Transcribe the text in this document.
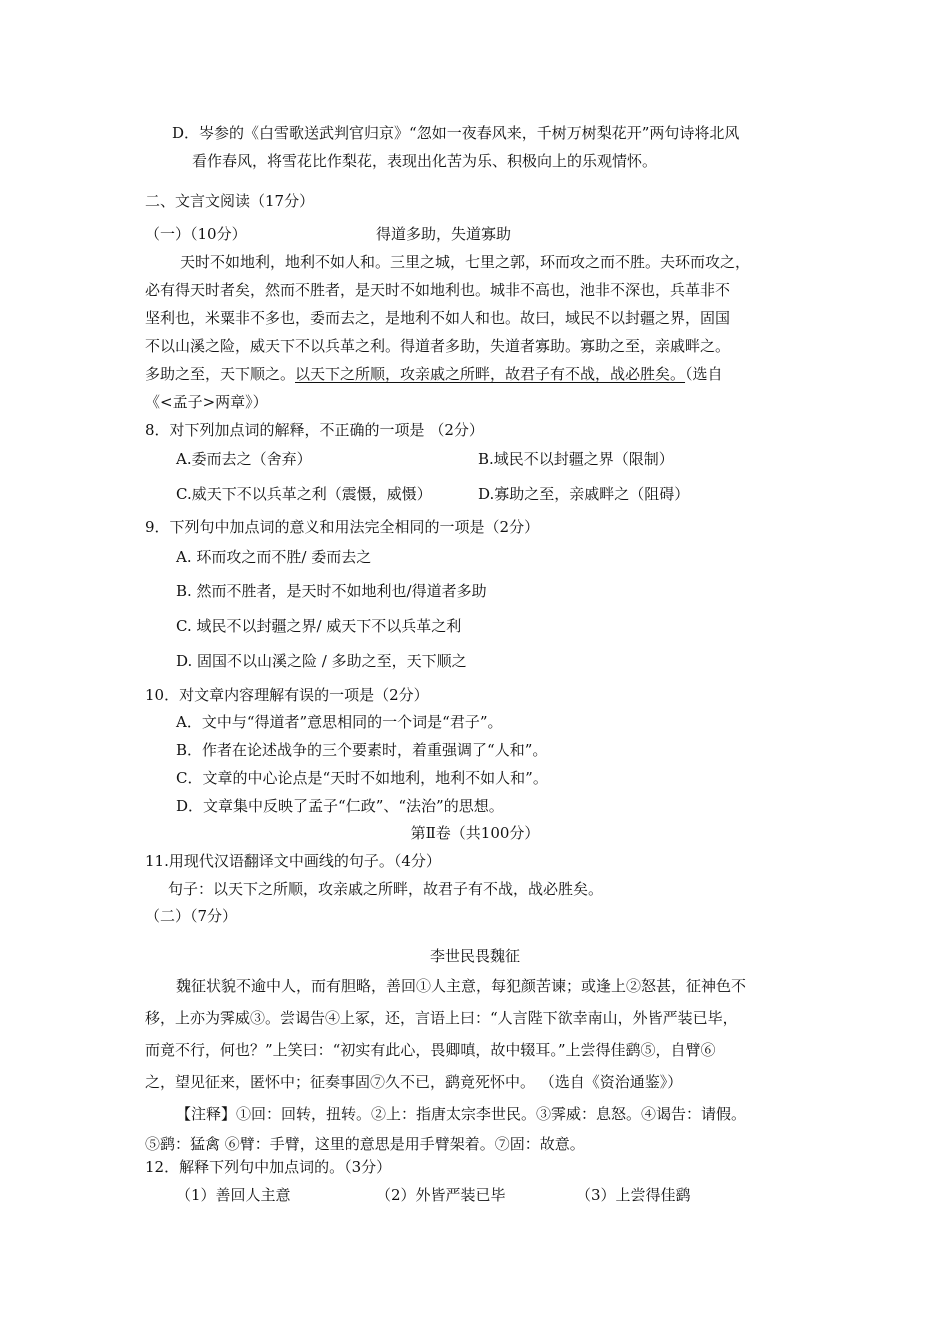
D．岑参的《白雪歌送武判官归京》“忽如一夜春风来，千树万树梨花开”两句诗将北风
看作春风，将雪花比作梨花，表现出化苦为乐、积极向上的乐观情怀。
二、文言文阅读（17分）
（一）（10分）	得道多助，失道寡助
天时不如地利，地利不如人和。三里之城，七里之郭，环而攻之而不胜。夫环而攻之，
必有得天时者矣，然而不胜者，是天时不如地利也。城非不高也，池非不深也，兵革非不
坚利也，米粟非不多也，委而去之，是地利不如人和也。故曰，域民不以封疆之界，固国
不以山溪之险，威天下不以兵革之利。得道者多助，失道者寡助。寡助之至，亲戚畔之。
多助之至，天下顺之。以天下之所顺，攻亲戚之所畔，故君子有不战，战必胜矣。（选自
《<孟子>两章》）
8．对下列加点词的解释，不正确的一项是 （2分）
A.委而去之（舍弃）	B.域民不以封疆之界（限制）
C.威天下不以兵革之利（震慑，威慑）	D.寡助之至，亲戚畔之（阻碍）
9．下列句中加点词的意义和用法完全相同的一项是（2分）
A. 环而攻之而不胜/ 委而去之
B. 然而不胜者，是天时不如地利也/得道者多助
C. 域民不以封疆之界/ 威天下不以兵革之利
D. 固国不以山溪之险 / 多助之至，天下顺之
10．对文章内容理解有误的一项是（2分）
A．文中与“得道者”意思相同的一个词是“君子”。
B．作者在论述战争的三个要素时，着重强调了“人和”。
C．文章的中心论点是“天时不如地利，地利不如人和”。
D．文章集中反映了孟子“仁政”、“法治”的思想。
第Ⅱ卷（共100分）
11.用现代汉语翻译文中画线的句子。（4分）
句子：以天下之所顺，攻亲戚之所畔，故君子有不战，战必胜矣。
（二）（7分）
李世民畏魏征
魏征状貌不逾中人，而有胆略，善回①人主意，每犯颜苦谏；或逢上②怒甚，征神色不
移，上亦为霁威③。尝谒告④上冢，还，言语上曰：“人言陛下欲幸南山，外皆严装已毕，
而竟不行，何也？”上笑曰：“初实有此心，畏卿嗔，故中辍耳。”上尝得佳鹞⑤，自臂⑥
之，望见征来，匿怀中；征奏事固⑦久不已，鹞竟死怀中。 （选自《资治通鉴》）
【注释】①回：回转，扭转。②上：指唐太宗李世民。③霁威：息怒。④谒告：请假。
⑤鹞：猛禽 ⑥臂：手臂，这里的意思是用手臂架着。⑦固：故意。
12．解释下列句中加点词的。（3分）
（1）善回人主意	（2）外皆严装已毕	（3）上尝得佳鹞
